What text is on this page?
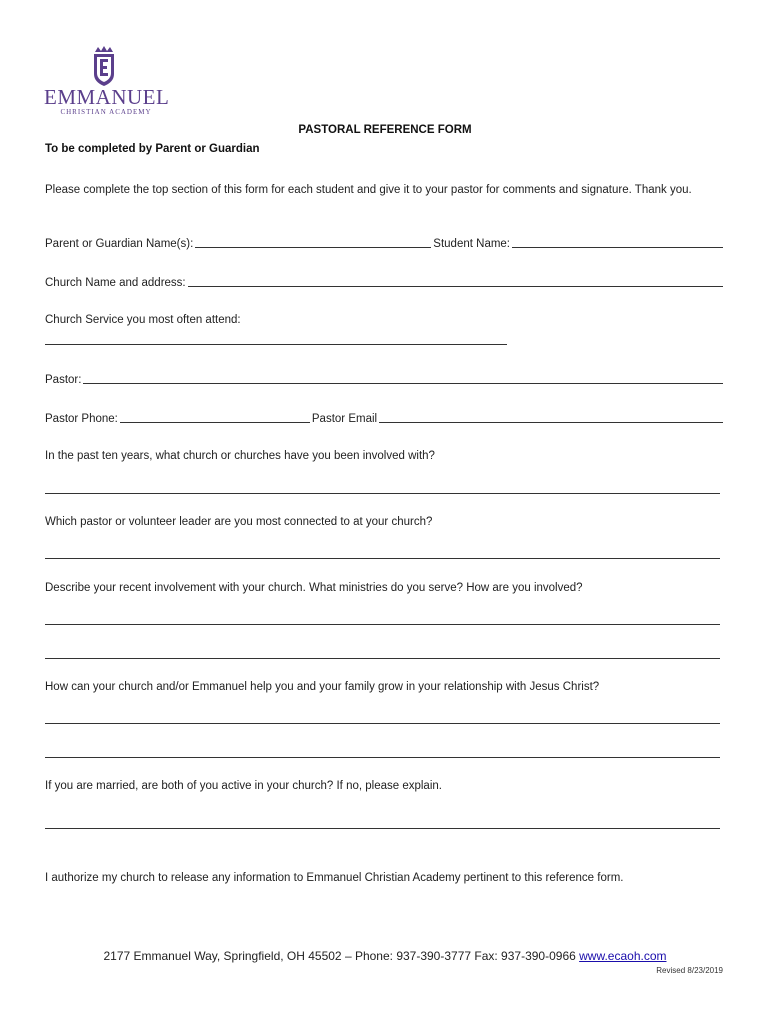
EMMANUEL
CHRISTIAN ACADEMY
PASTORAL REFERENCE FORM
To be completed by Parent or Guardian
Please complete the top section of this form for each student and give it to your pastor for comments and signature. Thank you.
Parent or Guardian Name(s):	Student Name:
Church Name and address:
Church Service you most often attend:
Pastor:
Pastor Phone:	Pastor Email
In the past ten years, what church or churches have you been involved with?
Which pastor or volunteer leader are you most connected to at your church?
Describe your recent involvement with your church. What ministries do you serve? How are you involved?
How can your church and/or Emmanuel help you and your family grow in your relationship with Jesus Christ?
If you are married, are both of you active in your church? If no, please explain.
I authorize my church to release any information to Emmanuel Christian Academy pertinent to this reference form.
2177 Emmanuel Way, Springfield, OH 45502 – Phone: 937-390-3777 Fax: 937-390-0966 www.ecaoh.com
Revised 8/23/2019
